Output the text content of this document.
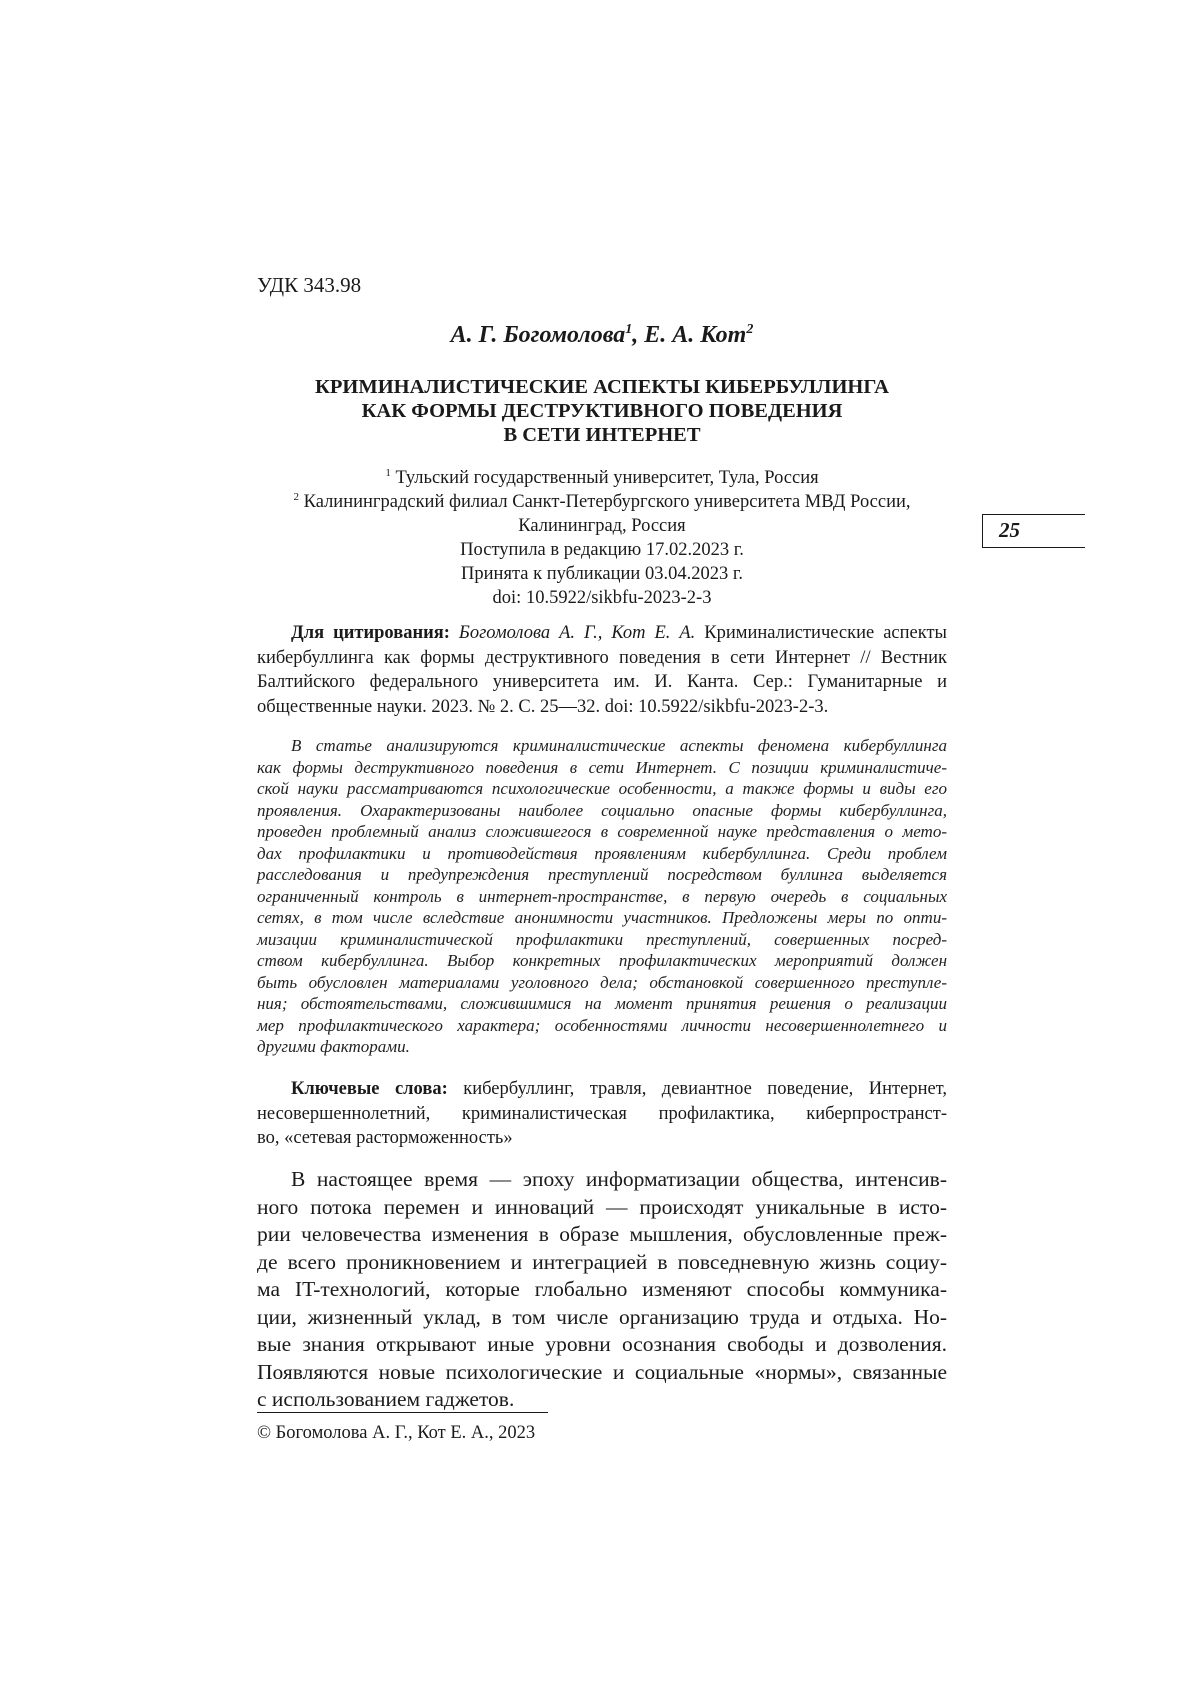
УДК 343.98
А. Г. Богомолова$^1$, Е. А. Кот$^2$
КРИМИНАЛИСТИЧЕСКИЕ АСПЕКТЫ КИБЕРБУЛЛИНГА
КАК ФОРМЫ ДЕСТРУКТИВНОГО ПОВЕДЕНИЯ
В СЕТИ ИНТЕРНЕТ
$^1$ Тульский государственный университет, Тула, Россия
$^2$ Калининградский филиал Санкт-Петербургского университета МВД России,
Калининград, Россия
Поступила в редакцию 17.02.2023 г.
Принята к публикации 03.04.2023 г.
doi: 10.5922/sikbfu-2023-2-3
25
Для цитирования: Богомолова А. Г., Кот Е. А. Криминалистические аспекты кибербуллинга как формы деструктивного поведения в сети Интернет // Вестник Балтийского федерального университета им. И. Канта. Сер.: Гуманитарные и общественные науки. 2023. № 2. С. 25—32. doi: 10.5922/sikbfu-2023-2-3.
В статье анализируются криминалистические аспекты феномена кибербуллинга
как формы деструктивного поведения в сети Интернет. С позиции криминалистиче-
ской науки рассматриваются психологические особенности, а также формы и виды его
проявления. Охарактеризованы наиболее социально опасные формы кибербуллинга,
проведен проблемный анализ сложившегося в современной науке представления о мето-
дах профилактики и противодействия проявлениям кибербуллинга. Среди проблем
расследования и предупреждения преступлений посредством буллинга выделяется
ограниченный контроль в интернет-пространстве, в первую очередь в социальных
сетях, в том числе вследствие анонимности участников. Предложены меры по опти-
мизации криминалистической профилактики преступлений, совершенных посред-
ством кибербуллинга. Выбор конкретных профилактических мероприятий должен
быть обусловлен материалами уголовного дела; обстановкой совершенного преступле-
ния; обстоятельствами, сложившимися на момент принятия решения о реализации
мер профилактического характера; особенностями личности несовершеннолетнего и
другими факторами.
Ключевые слова: кибербуллинг, травля, девиантное поведение, Интернет,
несовершеннолетний, криминалистическая профилактика, киберпространст-
во, «сетевая расторможенность»
В настоящее время — эпоху информатизации общества, интенсив-
ного потока перемен и инноваций — происходят уникальные в исто-
рии человечества изменения в образе мышления, обусловленные преж-
де всего проникновением и интеграцией в повседневную жизнь социу-
ма IT-технологий, которые глобально изменяют способы коммуника-
ции, жизненный уклад, в том числе организацию труда и отдыха. Но-
вые знания открывают иные уровни осознания свободы и дозволения.
Появляются новые психологические и социальные «нормы», связанные
с использованием гаджетов.
© Богомолова А. Г., Кот Е. А., 2023
